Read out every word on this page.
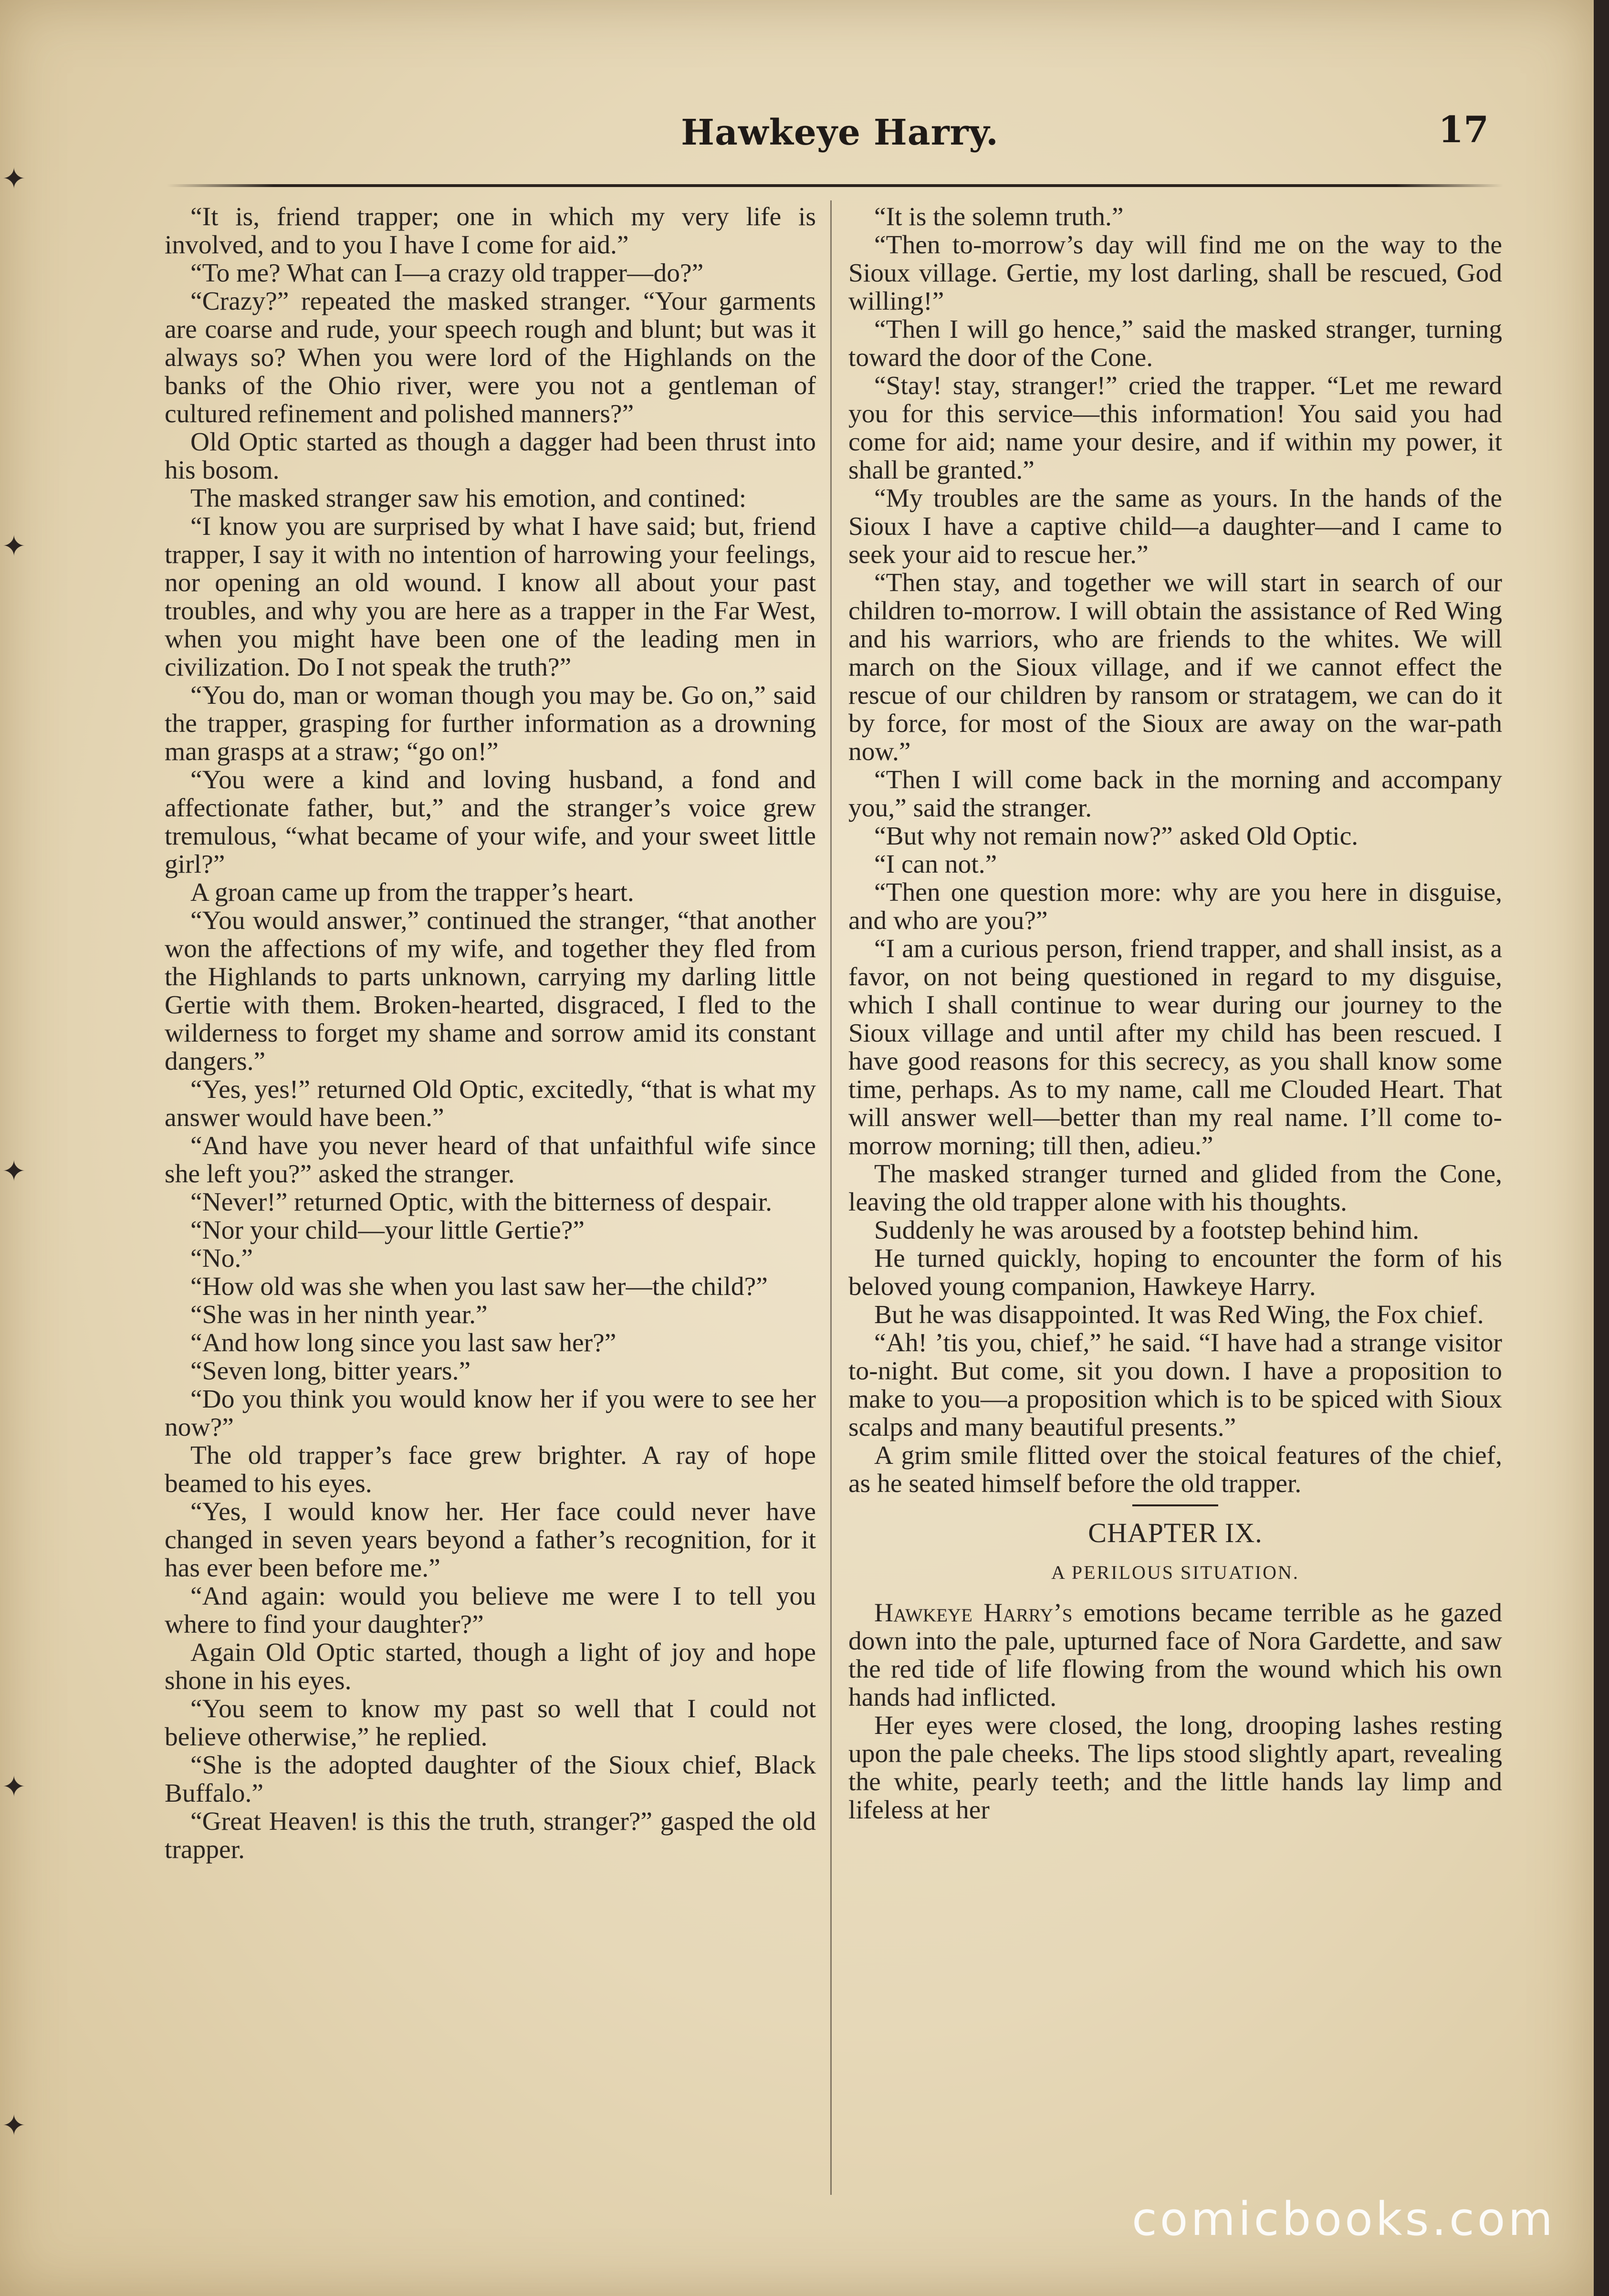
✦
✦
✦
✦
✦
Hawkeye Harry.	17

“It is, friend trapper; one in which my very life is involved, and to you I have I come for aid.”

“To me? What can I—a crazy old trapper—do?”

“Crazy?” repeated the masked stranger. “Your garments are coarse and rude, your speech rough and blunt; but was it always so? When you were lord of the Highlands on the banks of the Ohio river, were you not a gentleman of cultured refinement and polished manners?”

Old Optic started as though a dagger had been thrust into his bosom.

The masked stranger saw his emotion, and contined:

“I know you are surprised by what I have said; but, friend trapper, I say it with no intention of harrowing your feelings, nor opening an old wound. I know all about your past troubles, and why you are here as a trapper in the Far West, when you might have been one of the leading men in civilization. Do I not speak the truth?”

“You do, man or woman though you may be. Go on,” said the trapper, grasping for further information as a drowning man grasps at a straw; “go on!”

“You were a kind and loving husband, a fond and affectionate father, but,” and the stranger’s voice grew tremulous, “what became of your wife, and your sweet little girl?”

A groan came up from the trapper’s heart.

“You would answer,” continued the stranger, “that another won the affections of my wife, and together they fled from the Highlands to parts unknown, carrying my darling little Gertie with them. Broken-hearted, disgraced, I fled to the wilderness to forget my shame and sorrow amid its constant dangers.”

“Yes, yes!” returned Old Optic, excitedly, “that is what my answer would have been.”

“And have you never heard of that unfaithful wife since she left you?” asked the stranger.

“Never!” returned Optic, with the bitterness of despair.

“Nor your child—your little Gertie?”

“No.”

“How old was she when you last saw her—the child?”

“She was in her ninth year.”

“And how long since you last saw her?”

“Seven long, bitter years.”

“Do you think you would know her if you were to see her now?”

The old trapper’s face grew brighter. A ray of hope beamed to his eyes.

“Yes, I would know her. Her face could never have changed in seven years beyond a father’s recognition, for it has ever been before me.”

“And again: would you believe me were I to tell you where to find your daughter?”

Again Old Optic started, though a light of joy and hope shone in his eyes.

“You seem to know my past so well that I could not believe otherwise,” he replied.

“She is the adopted daughter of the Sioux chief, Black Buffalo.”

“Great Heaven! is this the truth, stranger?” gasped the old trapper.

“It is the solemn truth.”

“Then to-morrow’s day will find me on the way to the Sioux village. Gertie, my lost darling, shall be rescued, God willing!”

“Then I will go hence,” said the masked stranger, turning toward the door of the Cone.

“Stay! stay, stranger!” cried the trapper. “Let me reward you for this service—this information! You said you had come for aid; name your desire, and if within my power, it shall be granted.”

“My troubles are the same as yours. In the hands of the Sioux I have a captive child—a daughter—and I came to seek your aid to rescue her.”

“Then stay, and together we will start in search of our children to-morrow. I will obtain the assistance of Red Wing and his warriors, who are friends to the whites. We will march on the Sioux village, and if we cannot effect the rescue of our children by ransom or stratagem, we can do it by force, for most of the Sioux are away on the war-path now.”

“Then I will come back in the morning and accompany you,” said the stranger.

“But why not remain now?” asked Old Optic.

“I can not.”

“Then one question more: why are you here in disguise, and who are you?”

“I am a curious person, friend trapper, and shall insist, as a favor, on not being questioned in regard to my disguise, which I shall continue to wear during our journey to the Sioux village and until after my child has been rescued. I have good reasons for this secrecy, as you shall know some time, perhaps. As to my name, call me Clouded Heart. That will answer well—better than my real name. I’ll come to-morrow morning; till then, adieu.”

The masked stranger turned and glided from the Cone, leaving the old trapper alone with his thoughts.

Suddenly he was aroused by a footstep behind him.

He turned quickly, hoping to encounter the form of his beloved young companion, Hawkeye Harry.

But he was disappointed. It was Red Wing, the Fox chief.

“Ah! ’tis you, chief,” he said. “I have had a strange visitor to-night. But come, sit you down. I have a proposition to make to you—a proposition which is to be spiced with Sioux scalps and many beautiful presents.”

A grim smile flitted over the stoical features of the chief, as he seated himself before the old trapper.

CHAPTER IX.
A PERILOUS SITUATION.

Hawkeye Harry’s emotions became terrible as he gazed down into the pale, upturned face of Nora Gardette, and saw the red tide of life flowing from the wound which his own hands had inflicted.

Her eyes were closed, the long, drooping lashes resting upon the pale cheeks. The lips stood slightly apart, revealing the white, pearly teeth; and the little hands lay limp and lifeless at her

comicbooks.com
